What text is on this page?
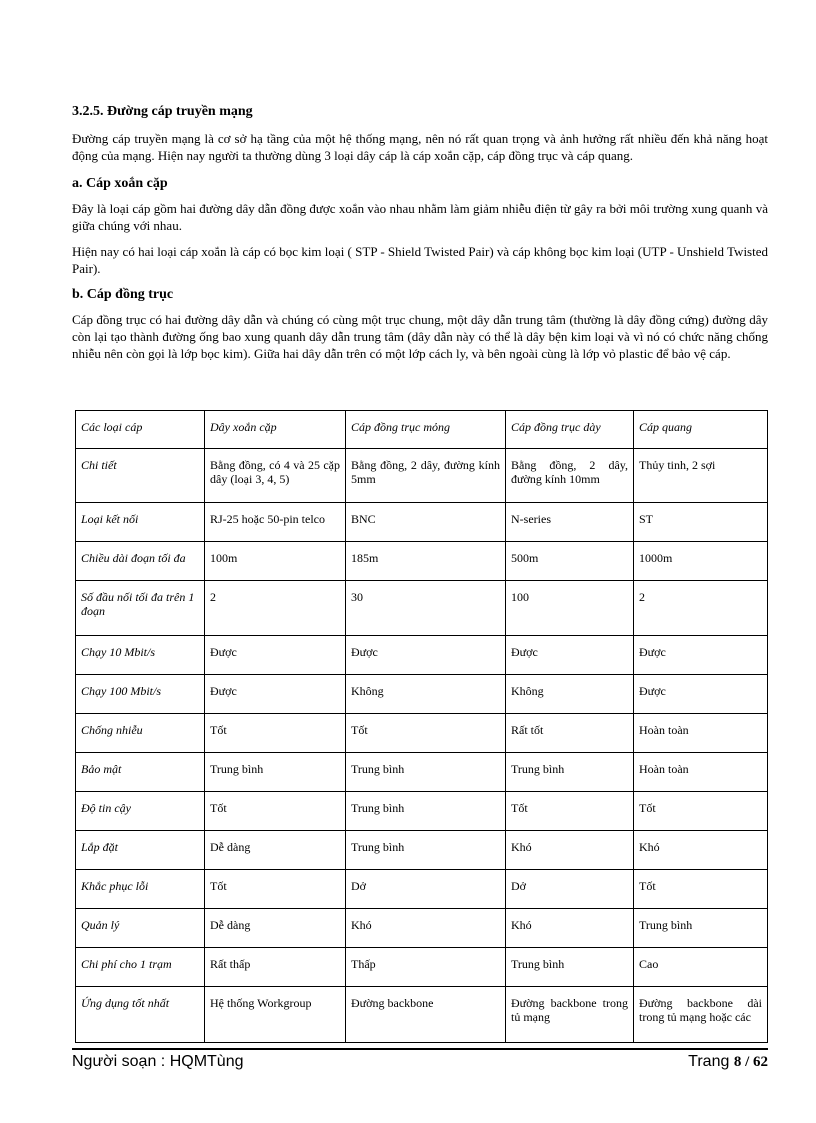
3.2.5. Đường cáp truyền mạng

Đường cáp truyền mạng là cơ sở hạ tầng của một hệ thống mạng, nên nó rất quan trọng và ảnh hưởng rất nhiều đến khả năng hoạt động của mạng. Hiện nay người ta thường dùng 3 loại dây cáp là cáp xoắn cặp, cáp đồng trục và cáp quang.

a. Cáp xoắn cặp

Đây là loại cáp gồm hai đường dây dẫn đồng được xoắn vào nhau nhằm làm giảm nhiễu điện từ gây ra bởi môi trường xung quanh và giữa chúng với nhau.

Hiện nay có hai loại cáp xoắn là cáp có bọc kim loại ( STP - Shield Twisted Pair) và cáp không bọc kim loại (UTP - Unshield Twisted Pair).

b. Cáp đồng trục

Cáp đồng trục có hai đường dây dẫn và chúng có cùng một trục chung, một dây dẫn trung tâm (thường là dây đồng cứng) đường dây còn lại tạo thành đường ống bao xung quanh dây dẫn trung tâm (dây dẫn này có thể là dây bện kim loại và vì nó có chức năng chống nhiễu nên còn gọi là lớp bọc kim). Giữa hai dây dẫn trên có một lớp cách ly, và bên ngoài cùng là lớp vỏ plastic để bảo vệ cáp.

Các loại cáp	Dây xoắn cặp	Cáp đồng trục mỏng	Cáp đồng trục dày	Cáp quang
Chi tiết	Bằng đồng, có 4 và 25 cặp dây (loại 3, 4, 5)	Bằng đồng, 2 dây, đường kính 5mm	Bằng đồng, 2 dây, đường kính 10mm	Thủy tinh, 2 sợi
Loại kết nối	RJ-25 hoặc 50-pin telco	BNC	N-series	ST
Chiều dài đoạn tối đa	100m	185m	500m	1000m
Số đầu nối tối đa trên 1 đoạn	2	30	100	2
Chạy 10 Mbit/s	Được	Được	Được	Được
Chạy 100 Mbit/s	Được	Không	Không	Được
Chống nhiễu	Tốt	Tốt	Rất tốt	Hoàn toàn
Bảo mật	Trung bình	Trung bình	Trung bình	Hoàn toàn
Độ tin cậy	Tốt	Trung bình	Tốt	Tốt
Lắp đặt	Dễ dàng	Trung bình	Khó	Khó
Khắc phục lỗi	Tốt	Dở	Dở	Tốt
Quản lý	Dễ dàng	Khó	Khó	Trung bình
Chi phí cho 1 trạm	Rất thấp	Thấp	Trung bình	Cao
Ứng dụng tốt nhất	Hệ thống Workgroup	Đường backbone	Đường backbone trong tủ mạng	Đường backbone dài trong tủ mạng hoặc các
Người soạn : HQMTùng	Trang 8 / 62
